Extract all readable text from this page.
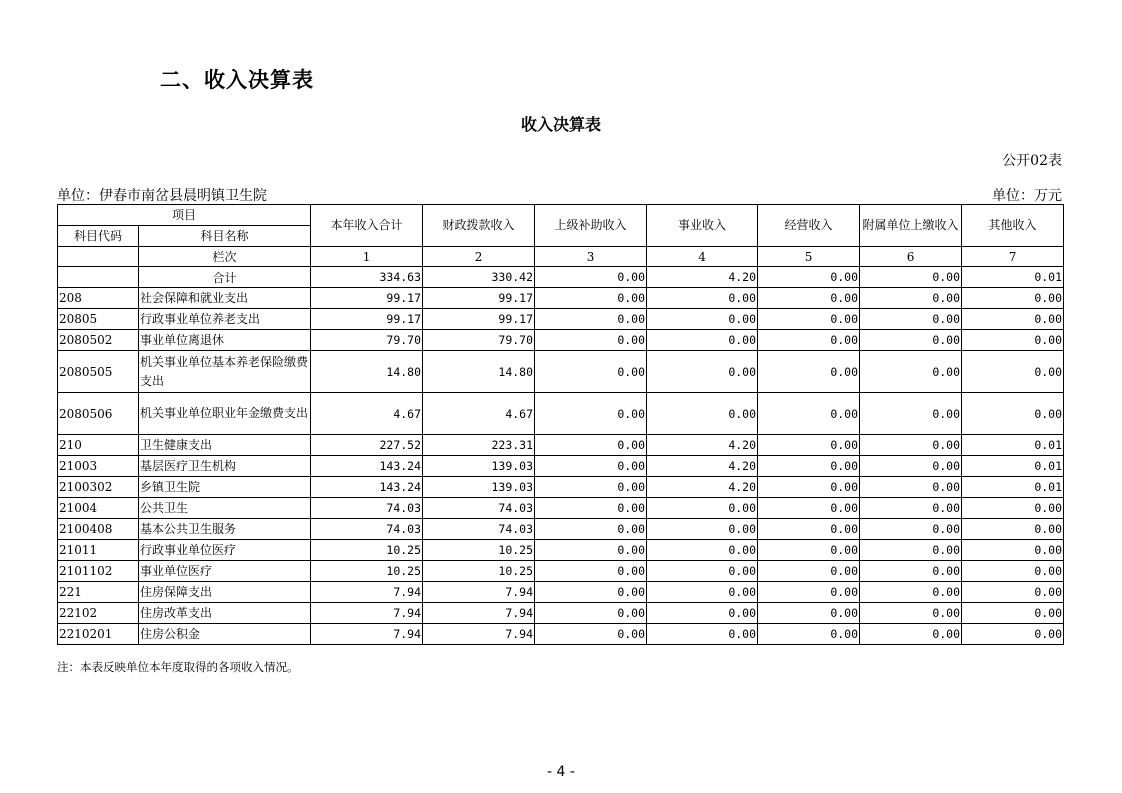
二、收入决算表
收入决算表
公开02表
单位：伊春市南岔县晨明镇卫生院	单位：万元
项目		本年收入合计	财政拨款收入	上级补助收入	事业收入	经营收入	附属单位上缴收入	其他收入
科目代码	科目名称							
	栏次	1	2	3	4	5	6	7
	合计	334.63	330.42	0.00	4.20	0.00	0.00	0.01
208	社会保障和就业支出	99.17	99.17	0.00	0.00	0.00	0.00	0.00
20805	行政事业单位养老支出	99.17	99.17	0.00	0.00	0.00	0.00	0.00
2080502	事业单位离退休	79.70	79.70	0.00	0.00	0.00	0.00	0.00
2080505	机关事业单位基本养老保险缴费支出	14.80	14.80	0.00	0.00	0.00	0.00	0.00
2080506	机关事业单位职业年金缴费支出	4.67	4.67	0.00	0.00	0.00	0.00	0.00
210	卫生健康支出	227.52	223.31	0.00	4.20	0.00	0.00	0.01
21003	基层医疗卫生机构	143.24	139.03	0.00	4.20	0.00	0.00	0.01
2100302	乡镇卫生院	143.24	139.03	0.00	4.20	0.00	0.00	0.01
21004	公共卫生	74.03	74.03	0.00	0.00	0.00	0.00	0.00
2100408	基本公共卫生服务	74.03	74.03	0.00	0.00	0.00	0.00	0.00
21011	行政事业单位医疗	10.25	10.25	0.00	0.00	0.00	0.00	0.00
2101102	事业单位医疗	10.25	10.25	0.00	0.00	0.00	0.00	0.00
221	住房保障支出	7.94	7.94	0.00	0.00	0.00	0.00	0.00
22102	住房改革支出	7.94	7.94	0.00	0.00	0.00	0.00	0.00
2210201	住房公积金	7.94	7.94	0.00	0.00	0.00	0.00	0.00
注：本表反映单位本年度取得的各项收入情况。
- 4 -
